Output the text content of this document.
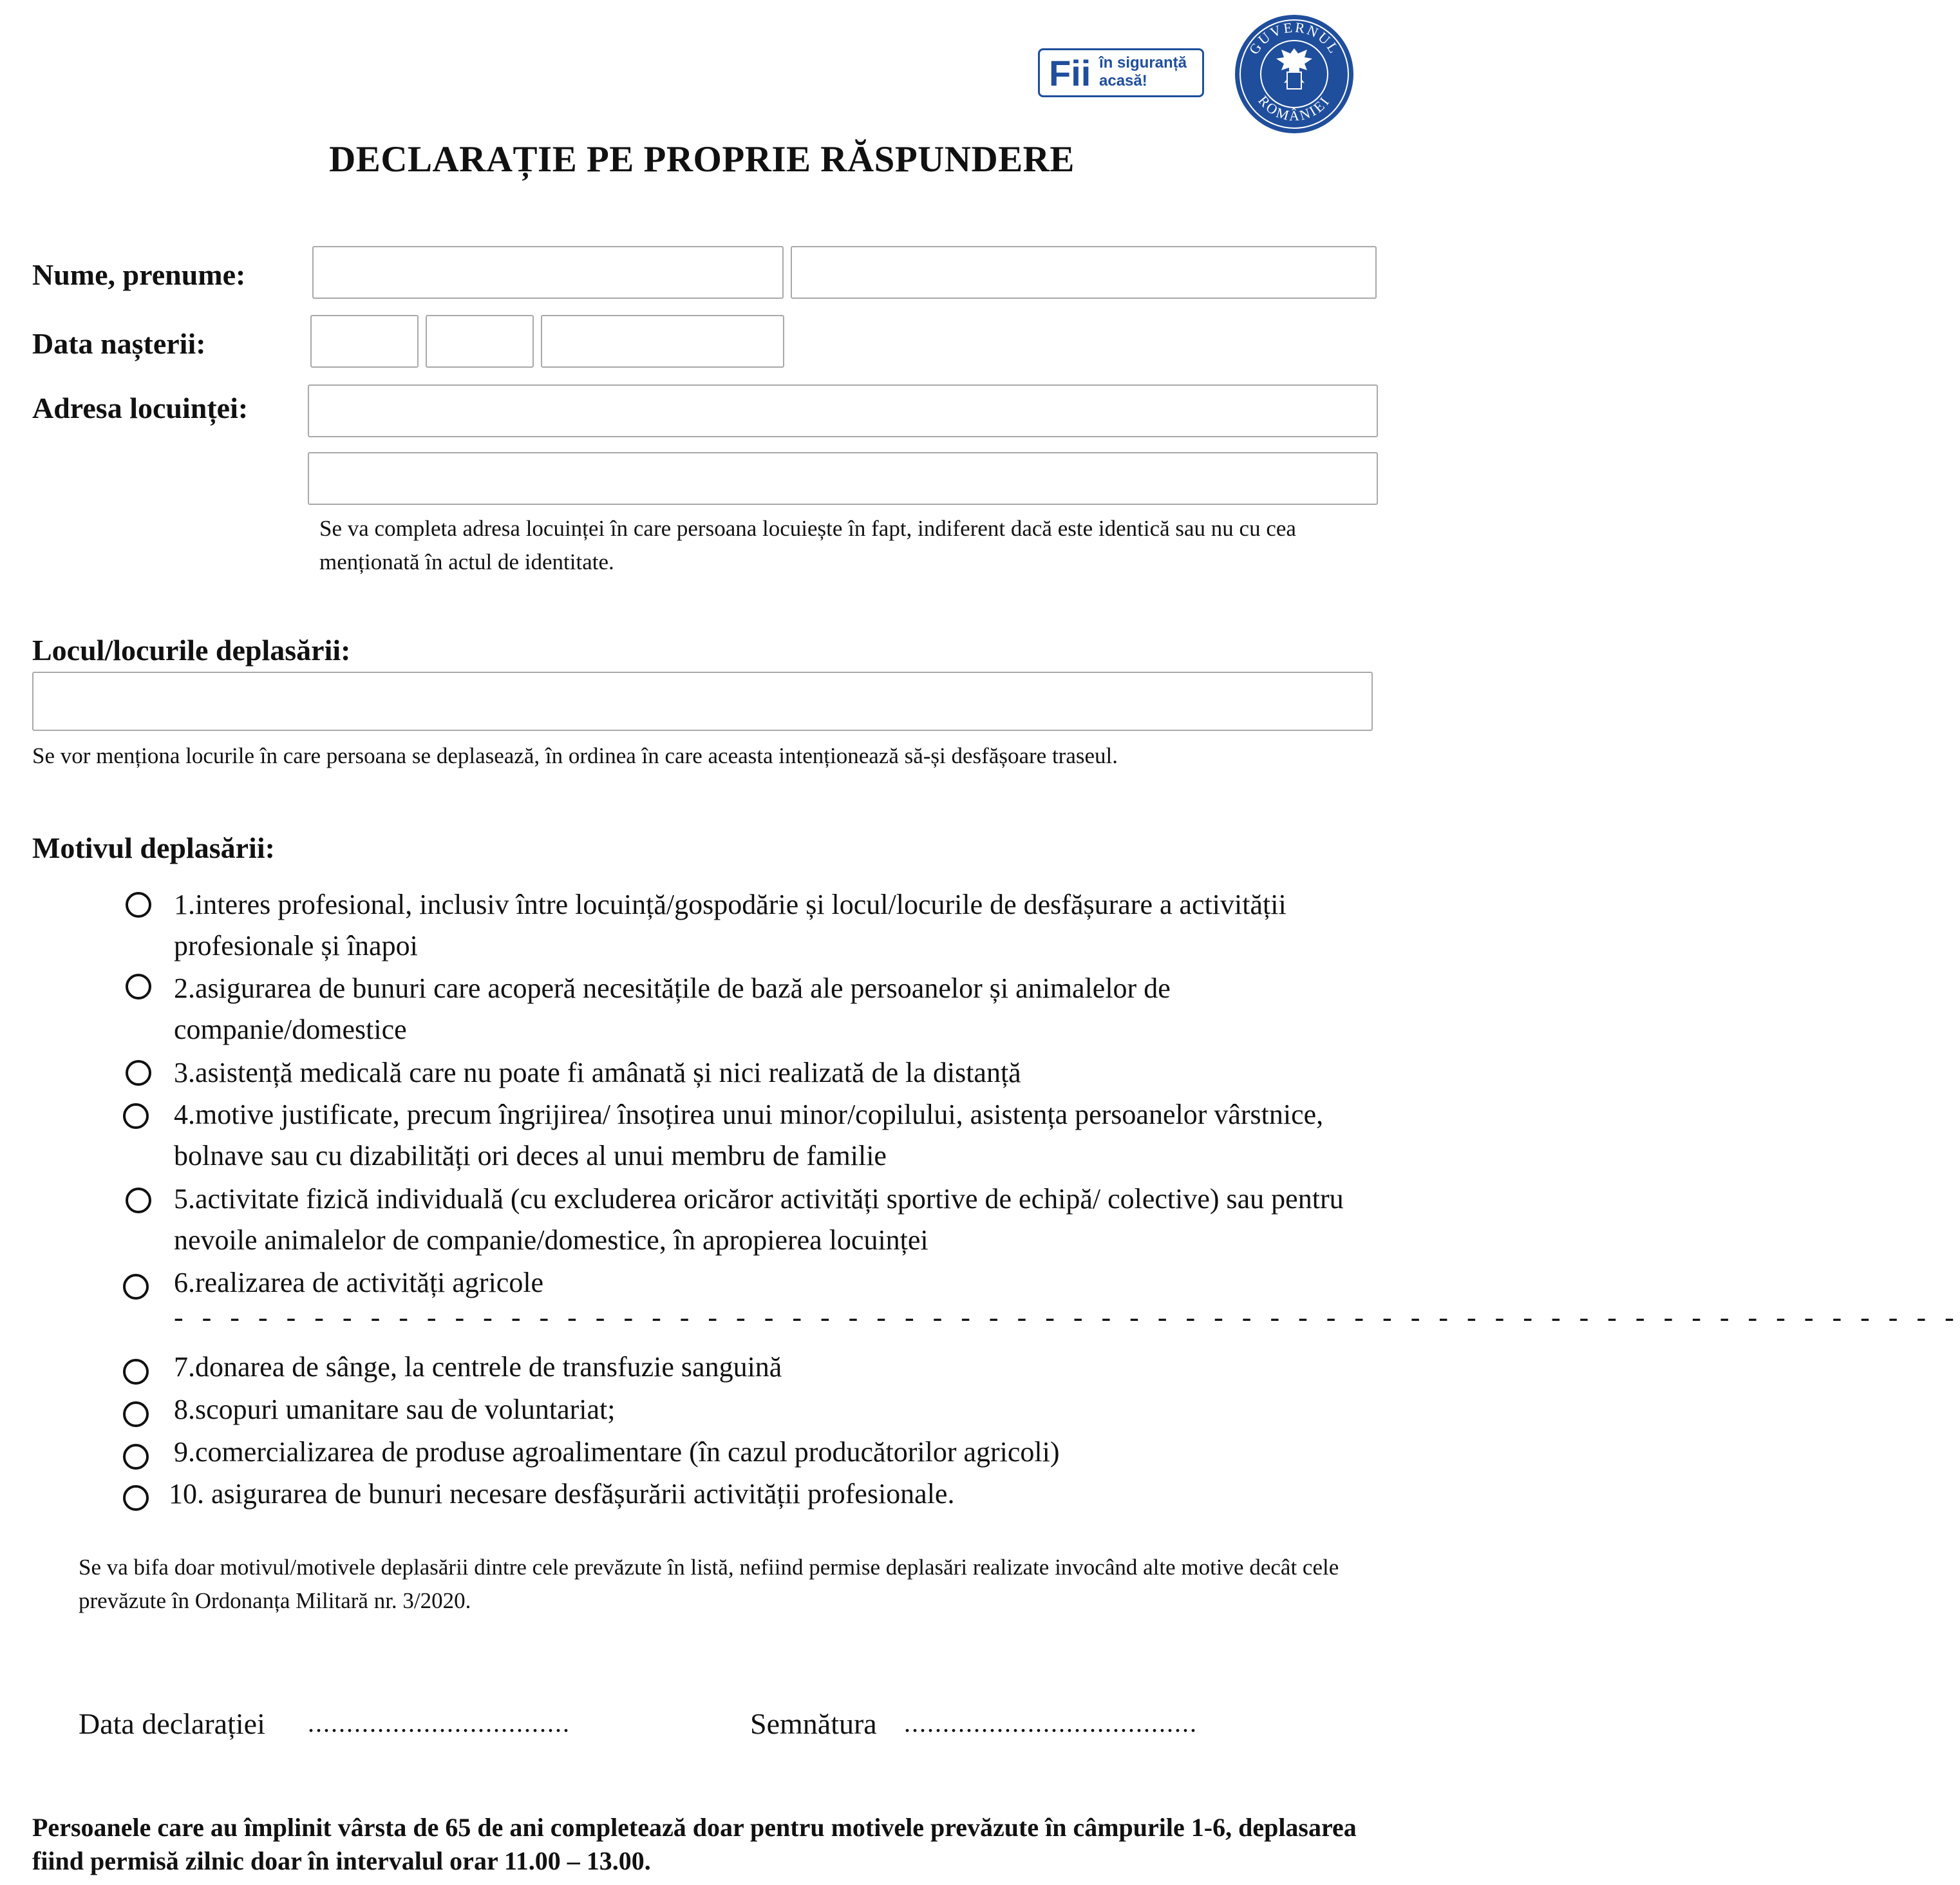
Fii în siguranță acasă!
GUVERNUL
ROMÂNIEI
DECLARAȚIE PE PROPRIE RĂSPUNDERE
Nume, prenume:
Data nașterii:
Adresa locuinței:
Se va completa adresa locuinței în care persoana locuiește în fapt, indiferent dacă este identică sau nu cu cea menționată în actul de identitate.
Locul/locurile deplasării:
Se vor menționa locurile în care persoana se deplasează, în ordinea în care aceasta intenționează să-și desfășoare traseul.
Motivul deplasării:
1.interes profesional, inclusiv între locuință/gospodărie și locul/locurile de desfășurare a activității profesionale și înapoi
2.asigurarea de bunuri care acoperă necesitățile de bază ale persoanelor și animalelor de companie/domestice
3.asistență medicală care nu poate fi amânată și nici realizată de la distanță
4.motive justificate, precum îngrijirea/ însoțirea unui minor/copilului, asistența persoanelor vârstnice, bolnave sau cu dizabilități ori deces al unui membru de familie
5.activitate fizică individuală (cu excluderea oricăror activități sportive de echipă/ colective) sau pentru nevoile animalelor de companie/domestice, în apropierea locuinței
6.realizarea de activități agricole
- - - - - - - - - - - - - - - - - - - - - - - - - - - - - - - - - - - - - - - - - - - - - - - - - - - - - - - - - - - - - - - -
7.donarea de sânge, la centrele de transfuzie sanguină
8.scopuri umanitare sau de voluntariat;
9.comercializarea de produse agroalimentare (în cazul producătorilor agricoli)
10. asigurarea de bunuri necesare desfășurării activității profesionale.
Se va bifa doar motivul/motivele deplasării dintre cele prevăzute în listă, nefiind permise deplasări realizate invocând alte motive decât cele prevăzute în Ordonanța Militară nr. 3/2020.
Data declarației ..................................	Semnătura ......................................
Persoanele care au împlinit vârsta de 65 de ani completează doar pentru motivele prevăzute în câmpurile 1-6, deplasarea fiind permisă zilnic doar în intervalul orar 11.00 – 13.00.
